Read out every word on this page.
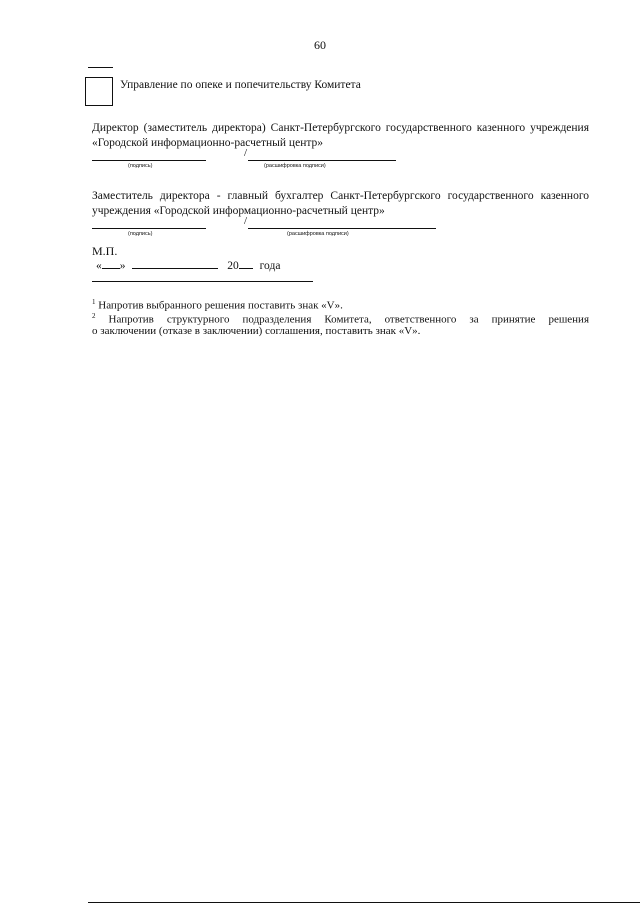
60
Управление по опеке и попечительству Комитета
Директор (заместитель директора) Санкт-Петербургского государственного казенного учреждения
«Городской информационно-расчетный центр»
/
(подпись)	(расшифровка подписи)
Заместитель директора - главный бухгалтер Санкт-Петербургского государственного казенного
учреждения «Городской информационно-расчетный центр»
/
(подпись)	(расшифровка подписи)
М.П.
« »	20 года
$^1$ Напротив выбранного решения поставить знак «V».
$^2$ Напротив структурного подразделения Комитета, ответственного за принятие решения
о заключении (отказе в заключении) соглашения, поставить знак «V».
